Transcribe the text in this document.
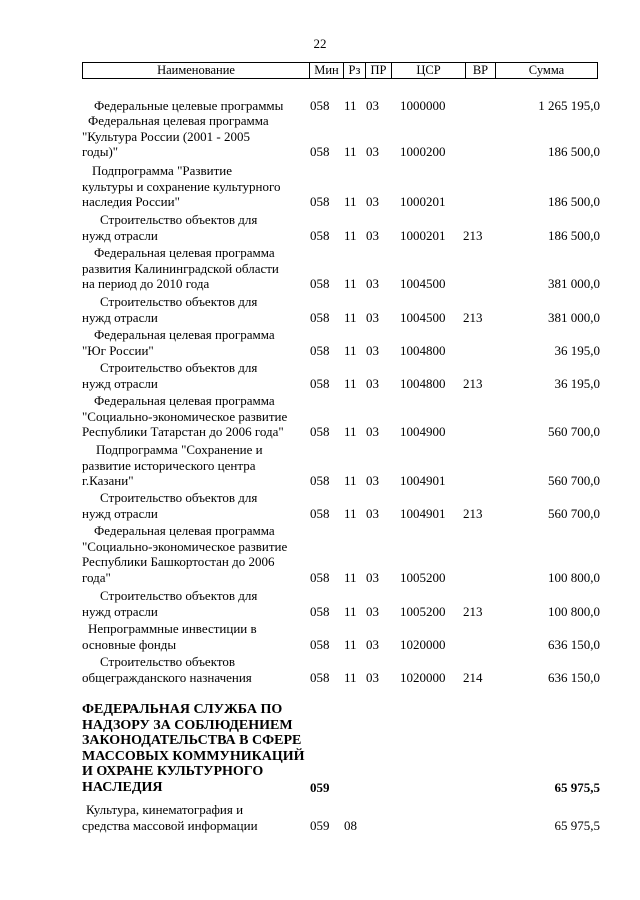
22
Наименование	Мин Рз ПР	ЦСР	ВР	Сумма
Федеральные целевые программы	058 11 03 1000000	1 265 195,0
Федеральная целевая программа
"Культура России (2001 - 2005
годы)"	058 11 03 1000200	186 500,0
Подпрограмма "Развитие
культуры и сохранение культурного
наследия России"	058 11 03 1000201	186 500,0
Строительство объектов для
нужд отрасли	058 11 03 1000201 213	186 500,0
Федеральная целевая программа
развития Калининградской области
на период до 2010 года	058 11 03 1004500	381 000,0
Строительство объектов для
нужд отрасли	058 11 03 1004500 213	381 000,0
Федеральная целевая программа
"Юг России"	058 11 03 1004800	36 195,0
Строительство объектов для
нужд отрасли	058 11 03 1004800 213	36 195,0
Федеральная целевая программа
"Социально-экономическое развитие
Республики Татарстан до 2006 года"	058 11 03 1004900	560 700,0
Подпрограмма "Сохранение и
развитие исторического центра
г.Казани"	058 11 03 1004901	560 700,0
Строительство объектов для
нужд отрасли	058 11 03 1004901 213	560 700,0
Федеральная целевая программа
"Социально-экономическое развитие
Республики Башкортостан до 2006
года"	058 11 03 1005200	100 800,0
Строительство объектов для
нужд отрасли	058 11 03 1005200 213	100 800,0
Непрограммные инвестиции в
основные фонды	058 11 03 1020000	636 150,0
Строительство объектов
общегражданского назначения	058 11 03 1020000 214	636 150,0
ФЕДЕРАЛЬНАЯ СЛУЖБА ПО
НАДЗОРУ ЗА СОБЛЮДЕНИЕМ
ЗАКОНОДАТЕЛЬСТВА В СФЕРЕ
МАССОВЫХ КОММУНИКАЦИЙ
И ОХРАНЕ КУЛЬТУРНОГО
НАСЛЕДИЯ	059	65 975,5
Культура, кинематография и
средства массовой информации	059 08	65 975,5
